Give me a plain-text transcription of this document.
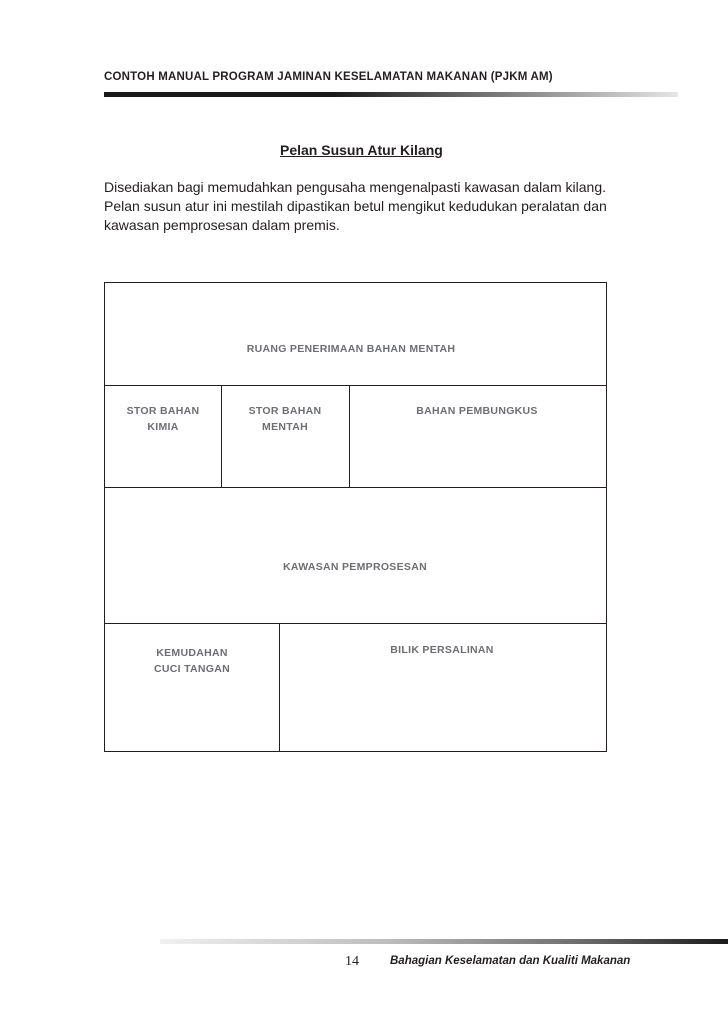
CONTOH MANUAL PROGRAM JAMINAN KESELAMATAN MAKANAN (PJKM AM)
Pelan Susun Atur Kilang

Disediakan bagi memudahkan pengusaha mengenalpasti kawasan dalam kilang.

Pelan susun atur ini mestilah dipastikan betul mengikut kedudukan peralatan dan

kawasan pemprosesan dalam premis.

RUANG PENERIMAAN BAHAN MENTAH
STOR BAHAN
KIMIA
STOR BAHAN
MENTAH
BAHAN PEMBUNGKUS
KAWASAN PEMPROSESAN
KEMUDAHAN
CUCI TANGAN
BILIK PERSALINAN
14	Bahagian Keselamatan dan Kualiti Makanan
